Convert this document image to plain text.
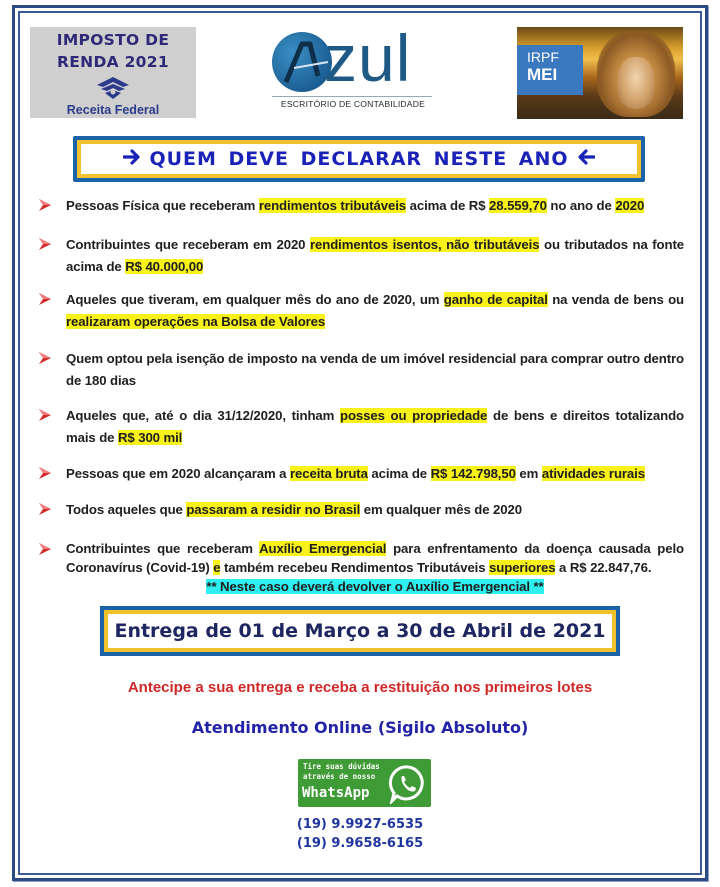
IMPOSTO DE
RENDA 2021
Receita Federal
zul
ESCRITÓRIO DE CONTABILIDADE
IRPF
MEI
QUEM DEVE DECLARAR NESTE ANO
Pessoas Física que receberam rendimentos tributáveis acima de R$ 28.559,70 no ano de 2020
Contribuintes que receberam em 2020 rendimentos isentos, não tributáveis ou tributados na fonte acima de R$ 40.000,00
Aqueles que tiveram, em qualquer mês do ano de 2020, um ganho de capital na venda de bens ou realizaram operações na Bolsa de Valores
Quem optou pela isenção de imposto na venda de um imóvel residencial para comprar outro dentro de 180 dias
Aqueles que, até o dia 31/12/2020, tinham posses ou propriedade de bens e direitos totalizando mais de R$ 300 mil
Pessoas que em 2020 alcançaram a receita bruta acima de R$ 142.798,50 em atividades rurais
Todos aqueles que passaram a residir no Brasil em qualquer mês de 2020
Contribuintes que receberam Auxílio Emergencial para enfrentamento da doença causada pelo Coronavírus (Covid-19) e também recebeu Rendimentos Tributáveis superiores a R$ 22.847,76.
** Neste caso deverá devolver o Auxílio Emergencial **
Entrega de 01 de Março a 30 de Abril de 2021
Antecipe a sua entrega e receba a restituição nos primeiros lotes
Atendimento Online (Sigilo Absoluto)
Tire suas dúvidas
através de nosso
WhatsApp
(19) 9.9927-6535
(19) 9.9658-6165
